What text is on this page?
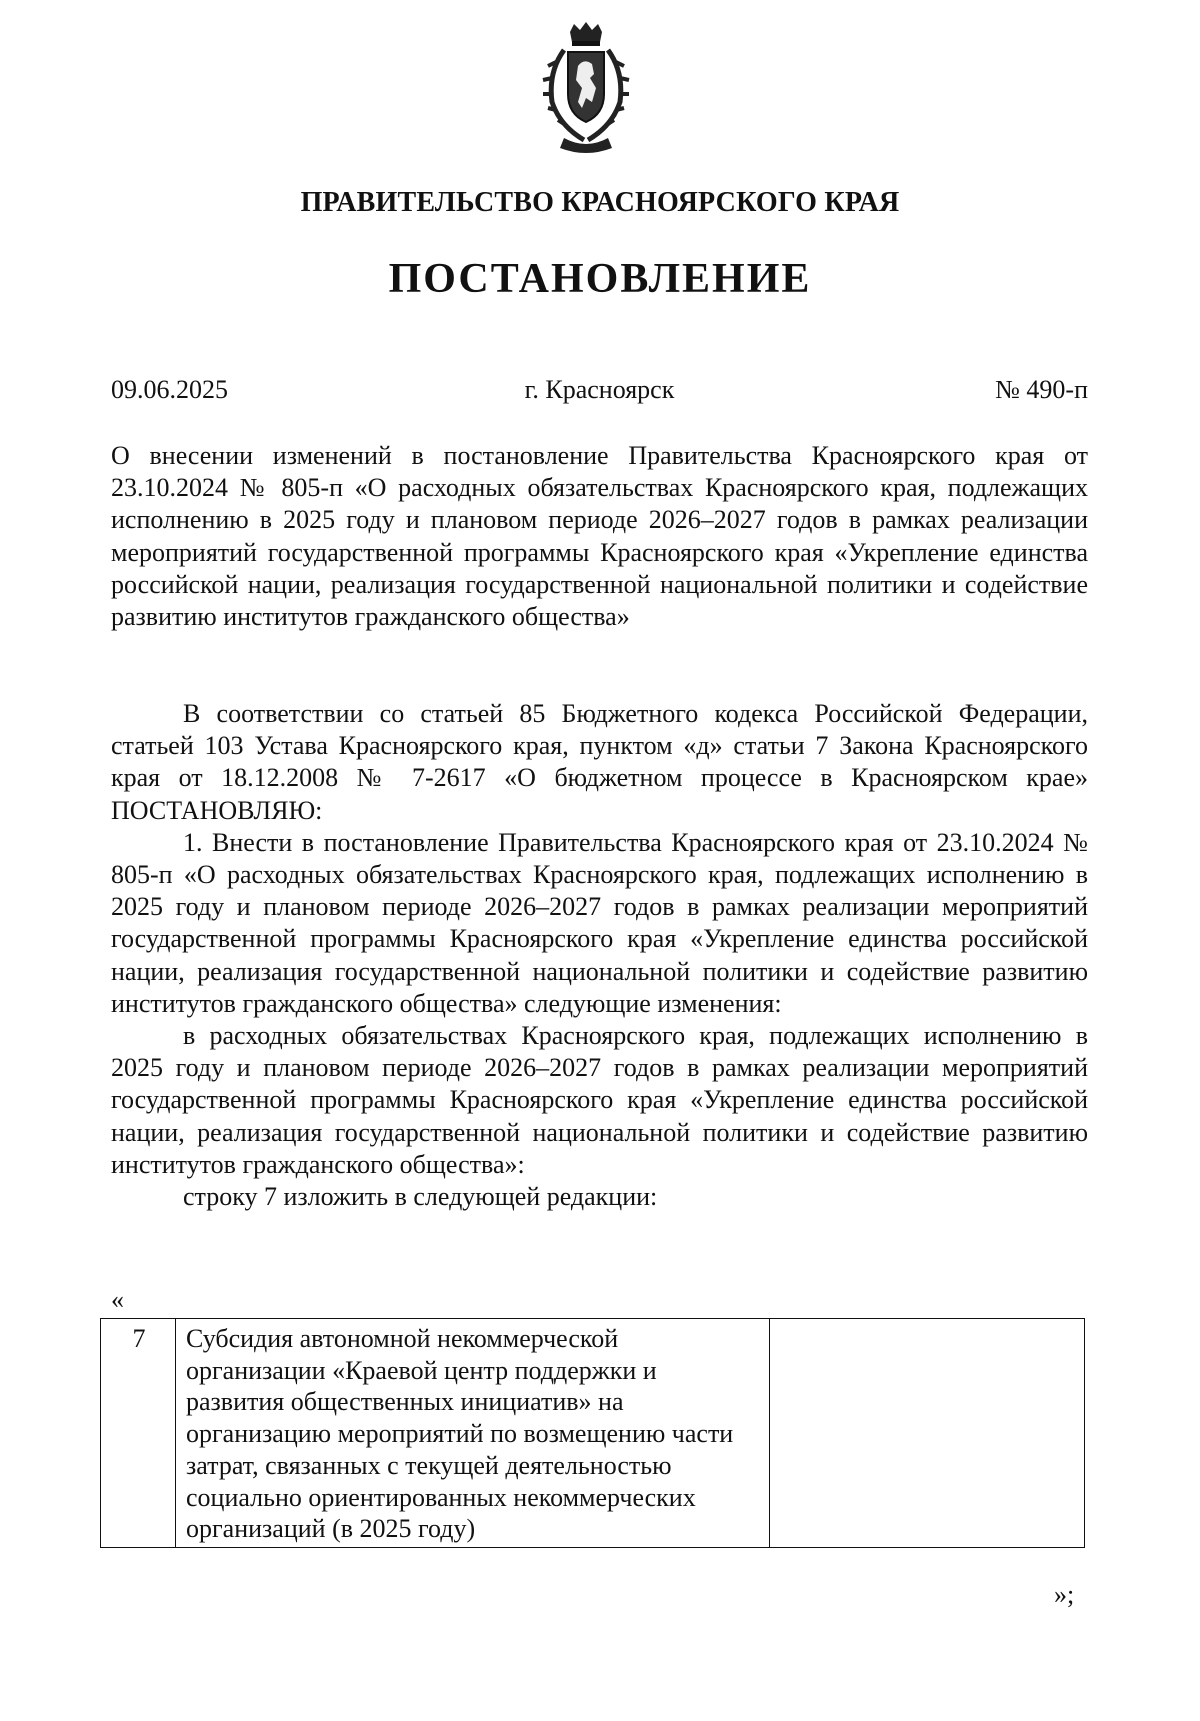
ПРАВИТЕЛЬСТВО КРАСНОЯРСКОГО КРАЯ
ПОСТАНОВЛЕНИЕ
09.06.2025	г. Красноярск	№ 490-п
О внесении изменений в постановление Правительства Красноярского края от 23.10.2024 № 805-п «О расходных обязательствах Красноярского края, подлежащих исполнению в 2025 году и плановом периоде 2026–2027 годов в рамках реализации мероприятий государственной программы Красноярского края «Укрепление единства российской нации, реализация государственной национальной политики и содействие развитию институтов гражданского общества»

В соответствии со статьей 85 Бюджетного кодекса Российской Федерации, статьей 103 Устава Красноярского края, пунктом «д» статьи 7 Закона Красноярского края от 18.12.2008 № 7-2617 «О бюджетном процессе в Красноярском крае» ПОСТАНОВЛЯЮ:

1. Внести в постановление Правительства Красноярского края от 23.10.2024 № 805-п «О расходных обязательствах Красноярского края, подлежащих исполнению в 2025 году и плановом периоде 2026–2027 годов в рамках реализации мероприятий государственной программы Красноярского края «Укрепление единства российской нации, реализация государственной национальной политики и содействие развитию институтов гражданского общества» следующие изменения:

в расходных обязательствах Красноярского края, подлежащих исполнению в 2025 году и плановом периоде 2026–2027 годов в рамках реализации мероприятий государственной программы Красноярского края «Укрепление единства российской нации, реализация государственной национальной политики и содействие развитию институтов гражданского общества»:

строку 7 изложить в следующей редакции:

«
7	Субсидия автономной некоммерческой организации «Краевой центр поддержки и развития общественных инициатив» на организацию мероприятий по возмещению части затрат, связанных с текущей деятельностью социально ориентированных некоммерческих организаций (в 2025 году)	
»;
